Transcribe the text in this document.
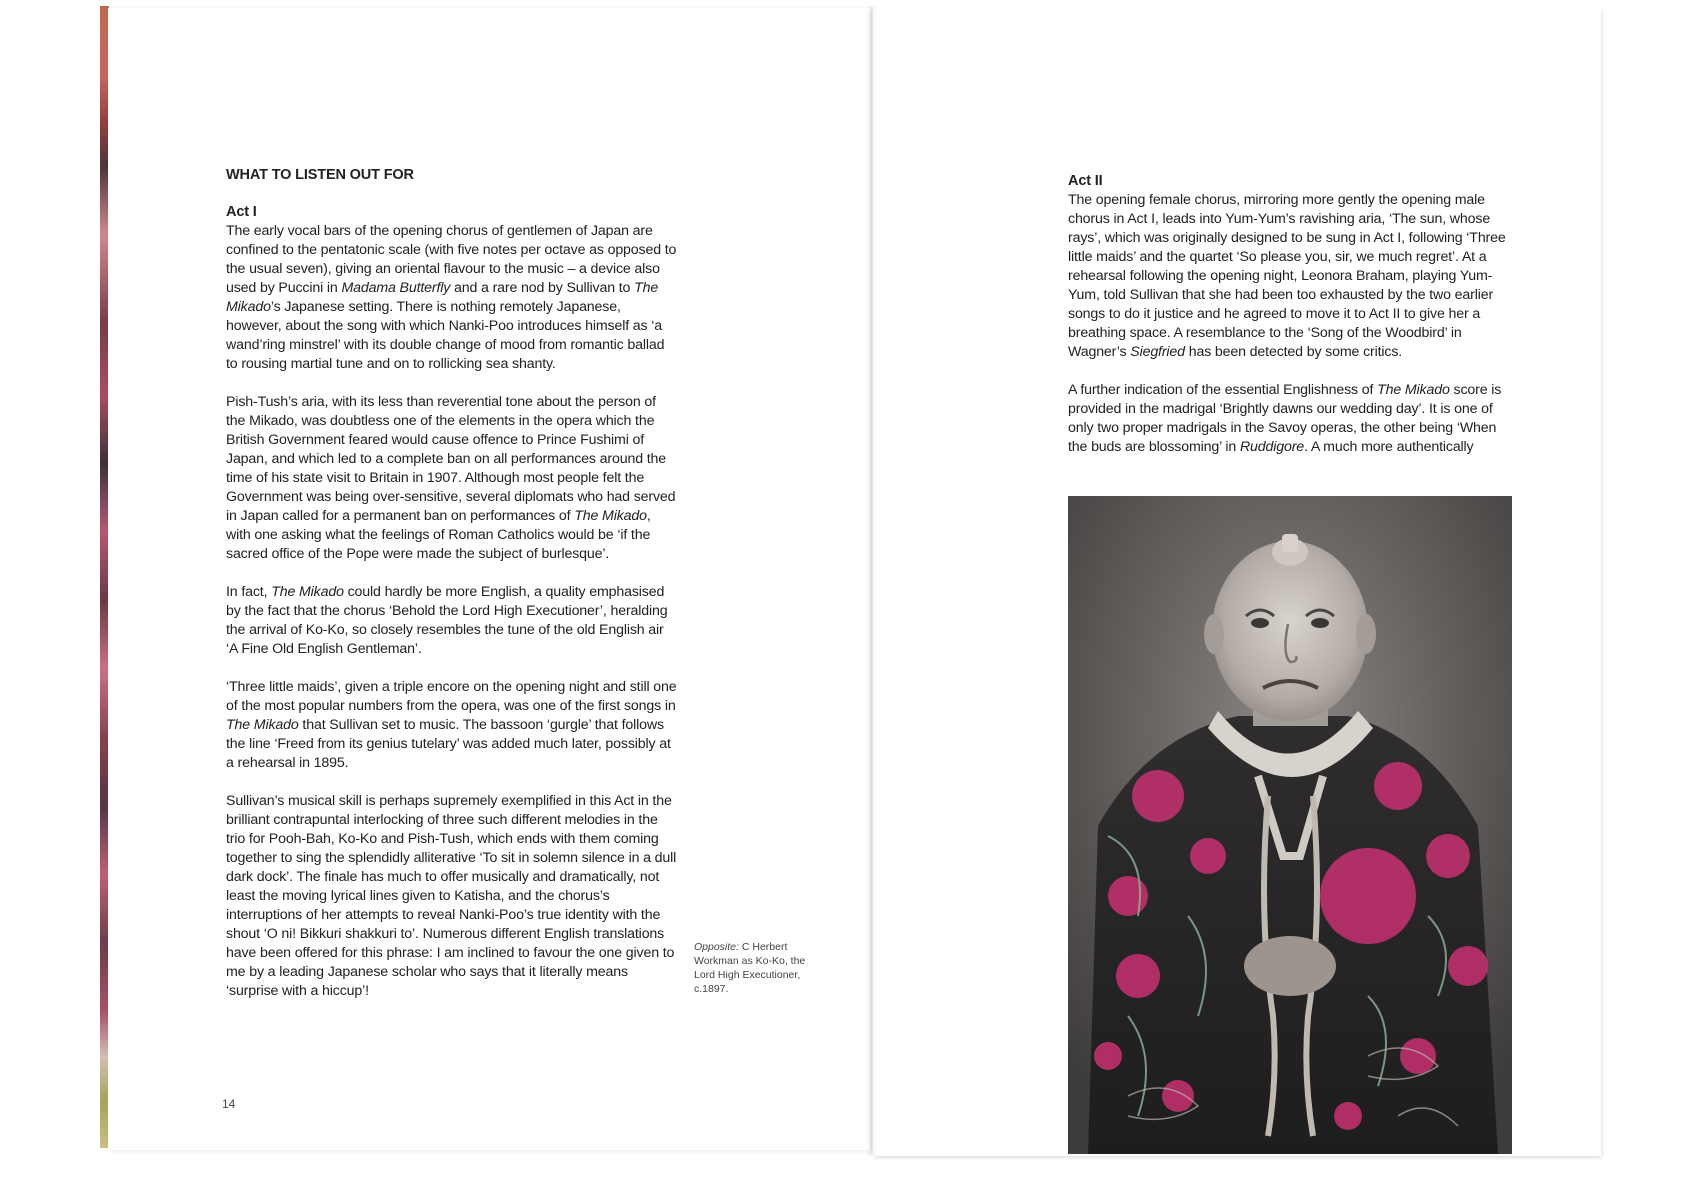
WHAT TO LISTEN OUT FOR

Act I

The early vocal bars of the opening chorus of gentlemen of Japan are confined to the pentatonic scale (with five notes per octave as opposed to the usual seven), giving an oriental flavour to the music – a device also used by Puccini in Madama Butterfly and a rare nod by Sullivan to The Mikado’s Japanese setting. There is nothing remotely Japanese, however, about the song with which Nanki-Poo introduces himself as ‘a wand’ring minstrel’ with its double change of mood from romantic ballad to rousing martial tune and on to rollicking sea shanty.

Pish-Tush’s aria, with its less than reverential tone about the person of the Mikado, was doubtless one of the elements in the opera which the British Government feared would cause offence to Prince Fushimi of Japan, and which led to a complete ban on all performances around the time of his state visit to Britain in 1907. Although most people felt the Government was being over-sensitive, several diplomats who had served in Japan called for a permanent ban on performances of The Mikado, with one asking what the feelings of Roman Catholics would be ‘if the sacred office of the Pope were made the subject of burlesque’.

In fact, The Mikado could hardly be more English, a quality emphasised by the fact that the chorus ‘Behold the Lord High Executioner’, heralding the arrival of Ko-Ko, so closely resembles the tune of the old English air ‘A Fine Old English Gentleman’.

‘Three little maids’, given a triple encore on the opening night and still one of the most popular numbers from the opera, was one of the first songs in The Mikado that Sullivan set to music. The bassoon ‘gurgle’ that follows the line ‘Freed from its genius tutelary’ was added much later, possibly at a rehearsal in 1895.

Sullivan’s musical skill is perhaps supremely exemplified in this Act in the brilliant contrapuntal interlocking of three such different melodies in the trio for Pooh-Bah, Ko-Ko and Pish-Tush, which ends with them coming together to sing the splendidly alliterative ‘To sit in solemn silence in a dull dark dock’. The finale has much to offer musically and dramatically, not least the moving lyrical lines given to Katisha, and the chorus’s interruptions of her attempts to reveal Nanki-Poo’s true identity with the shout ‘O ni! Bikkuri shakkuri to’. Numerous different English translations have been offered for this phrase: I am inclined to favour the one given to me by a leading Japanese scholar who says that it literally means ‘surprise with a hiccup’!

Opposite: C Herbert Workman as Ko-Ko, the Lord High Executioner, c.1897.
14

Act II

The opening female chorus, mirroring more gently the opening male chorus in Act I, leads into Yum-Yum’s ravishing aria, ‘The sun, whose rays’, which was originally designed to be sung in Act I, following ‘Three little maids’ and the quartet ‘So please you, sir, we much regret’. At a rehearsal following the opening night, Leonora Braham, playing Yum-Yum, told Sullivan that she had been too exhausted by the two earlier songs to do it justice and he agreed to move it to Act II to give her a breathing space. A resemblance to the ‘Song of the Woodbird’ in Wagner’s Siegfried has been detected by some critics.

A further indication of the essential Englishness of The Mikado score is provided in the madrigal ‘Brightly dawns our wedding day’. It is one of only two proper madrigals in the Savoy operas, the other being ‘When the buds are blossoming’ in Ruddigore. A much more authentically
